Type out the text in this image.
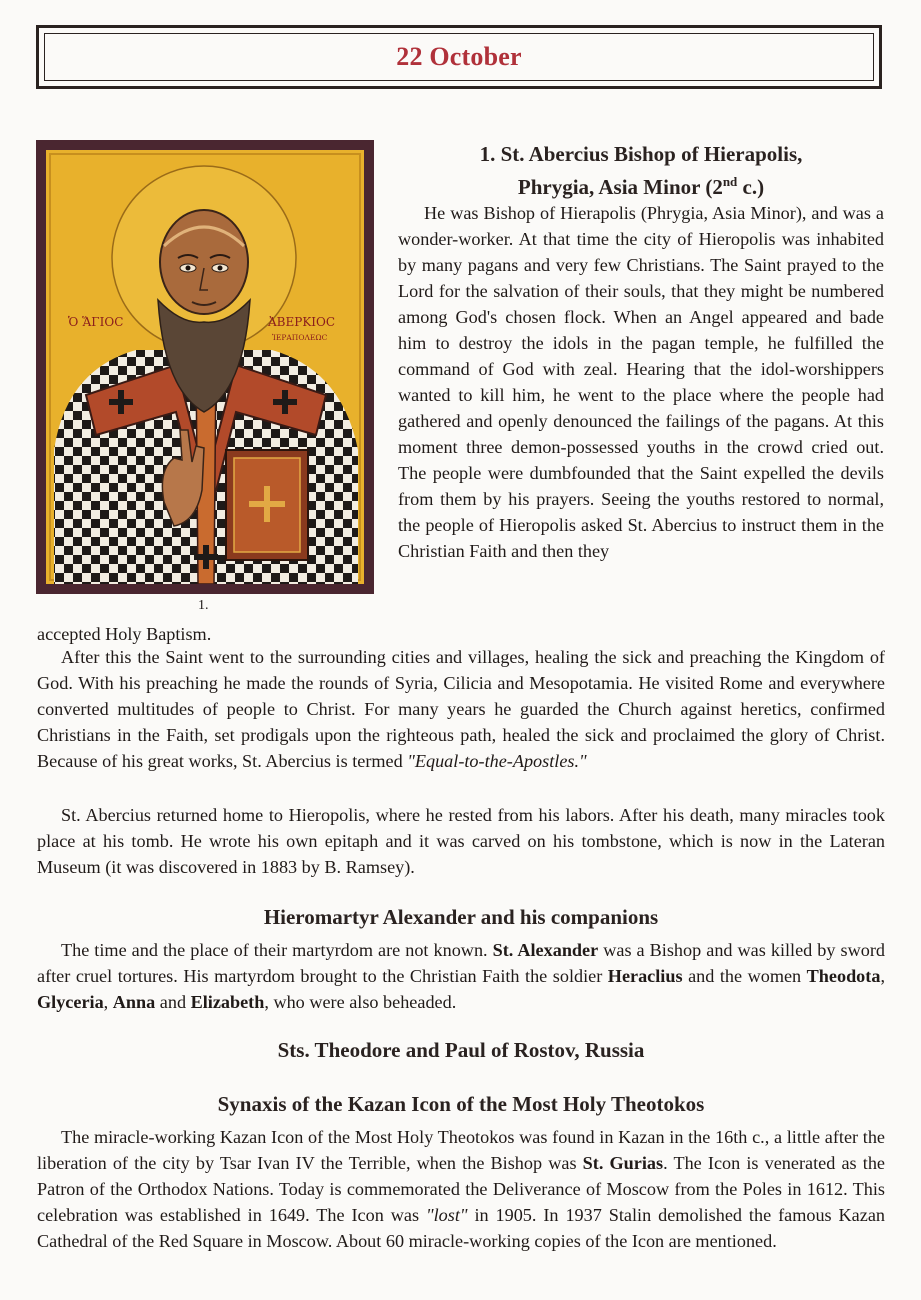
22 October
Ὁ ἍΓΙΟϹ	ἈΒΕΡΚΙΟϹ
ἹΕΡΑΠΟΛΕΩϹ
1.
1. St. Abercius Bishop of Hierapolis,
Phrygia, Asia Minor (2nd c.)
He was Bishop of Hierapolis (Phrygia, Asia Minor), and was a wonder-worker. At that time the city of Hieropolis was inhabited by many pagans and very few Christians. The Saint prayed to the Lord for the salvation of their souls, that they might be numbered among God's chosen flock. When an Angel appeared and bade him to destroy the idols in the pagan temple, he fulfilled the command of God with zeal. Hearing that the idol-worshippers wanted to kill him, he went to the place where the people had gathered and openly denounced the failings of the pagans. At this moment three demon-possessed youths in the crowd cried out. The people were dumbfounded that the Saint expelled the devils from them by his prayers. Seeing the youths restored to normal, the people of Hieropolis asked St. Abercius to instruct them in the Christian Faith and then they
accepted Holy Baptism.
After this the Saint went to the surrounding cities and villages, healing the sick and preaching the Kingdom of God. With his preaching he made the rounds of Syria, Cilicia and Mesopotamia. He visited Rome and everywhere converted multitudes of people to Christ. For many years he guarded the Church against heretics, confirmed Christians in the Faith, set prodigals upon the righteous path, healed the sick and proclaimed the glory of Christ. Because of his great works, St. Abercius is termed "Equal-to-the-Apostles."
St. Abercius returned home to Hieropolis, where he rested from his labors. After his death, many miracles took place at his tomb. He wrote his own epitaph and it was carved on his tombstone, which is now in the Lateran Museum (it was discovered in 1883 by B. Ramsey).
Hieromartyr Alexander and his companions
The time and the place of their martyrdom are not known. St. Alexander was a Bishop and was killed by sword after cruel tortures. His martyrdom brought to the Christian Faith the soldier Heraclius and the women Theodota, Glyceria, Anna and Elizabeth, who were also beheaded.
Sts. Theodore and Paul of Rostov, Russia
Synaxis of the Kazan Icon of the Most Holy Theotokos
The miracle-working Kazan Icon of the Most Holy Theotokos was found in Kazan in the 16th c., a little after the liberation of the city by Tsar Ivan IV the Terrible, when the Bishop was St. Gurias. The Icon is venerated as the Patron of the Orthodox Nations. Today is commemorated the Deliverance of Moscow from the Poles in 1612. This celebration was established in 1649. The Icon was "lost" in 1905. In 1937 Stalin demolished the famous Kazan Cathedral of the Red Square in Moscow. About 60 miracle-working copies of the Icon are mentioned.
